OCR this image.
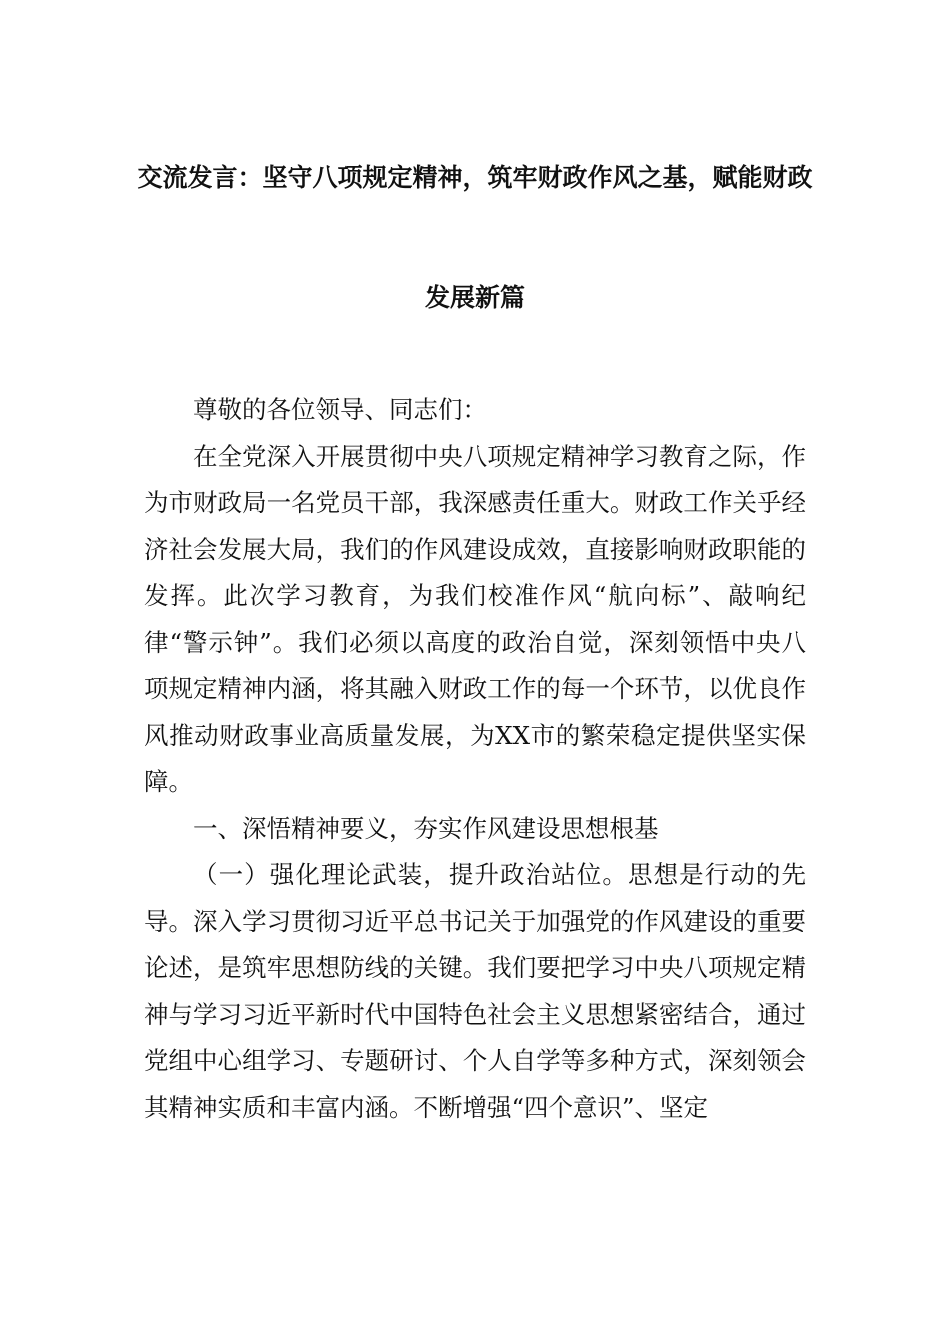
交流发言：坚守八项规定精神，筑牢财政作风之基，赋能财政
发展新篇

尊敬的各位领导、同志们：

在全党深入开展贯彻中央八项规定精神学习教育之际，作为市财政局一名党员干部，我深感责任重大。财政工作关乎经济社会发展大局，我们的作风建设成效，直接影响财政职能的发挥。此次学习教育，为我们校准作风“航向标”、敲响纪律“警示钟”。我们必须以高度的政治自觉，深刻领悟中央八项规定精神内涵，将其融入财政工作的每一个环节，以优良作风推动财政事业高质量发展，为XX市的繁荣稳定提供坚实保障。

一、深悟精神要义，夯实作风建设思想根基

（一）强化理论武装，提升政治站位。思想是行动的先导。深入学习贯彻习近平总书记关于加强党的作风建设的重要论述，是筑牢思想防线的关键。我们要把学习中央八项规定精神与学习习近平新时代中国特色社会主义思想紧密结合，通过党组中心组学习、专题研讨、个人自学等多种方式，深刻领会其精神实质和丰富内涵。不断增强“四个意识”、坚定
